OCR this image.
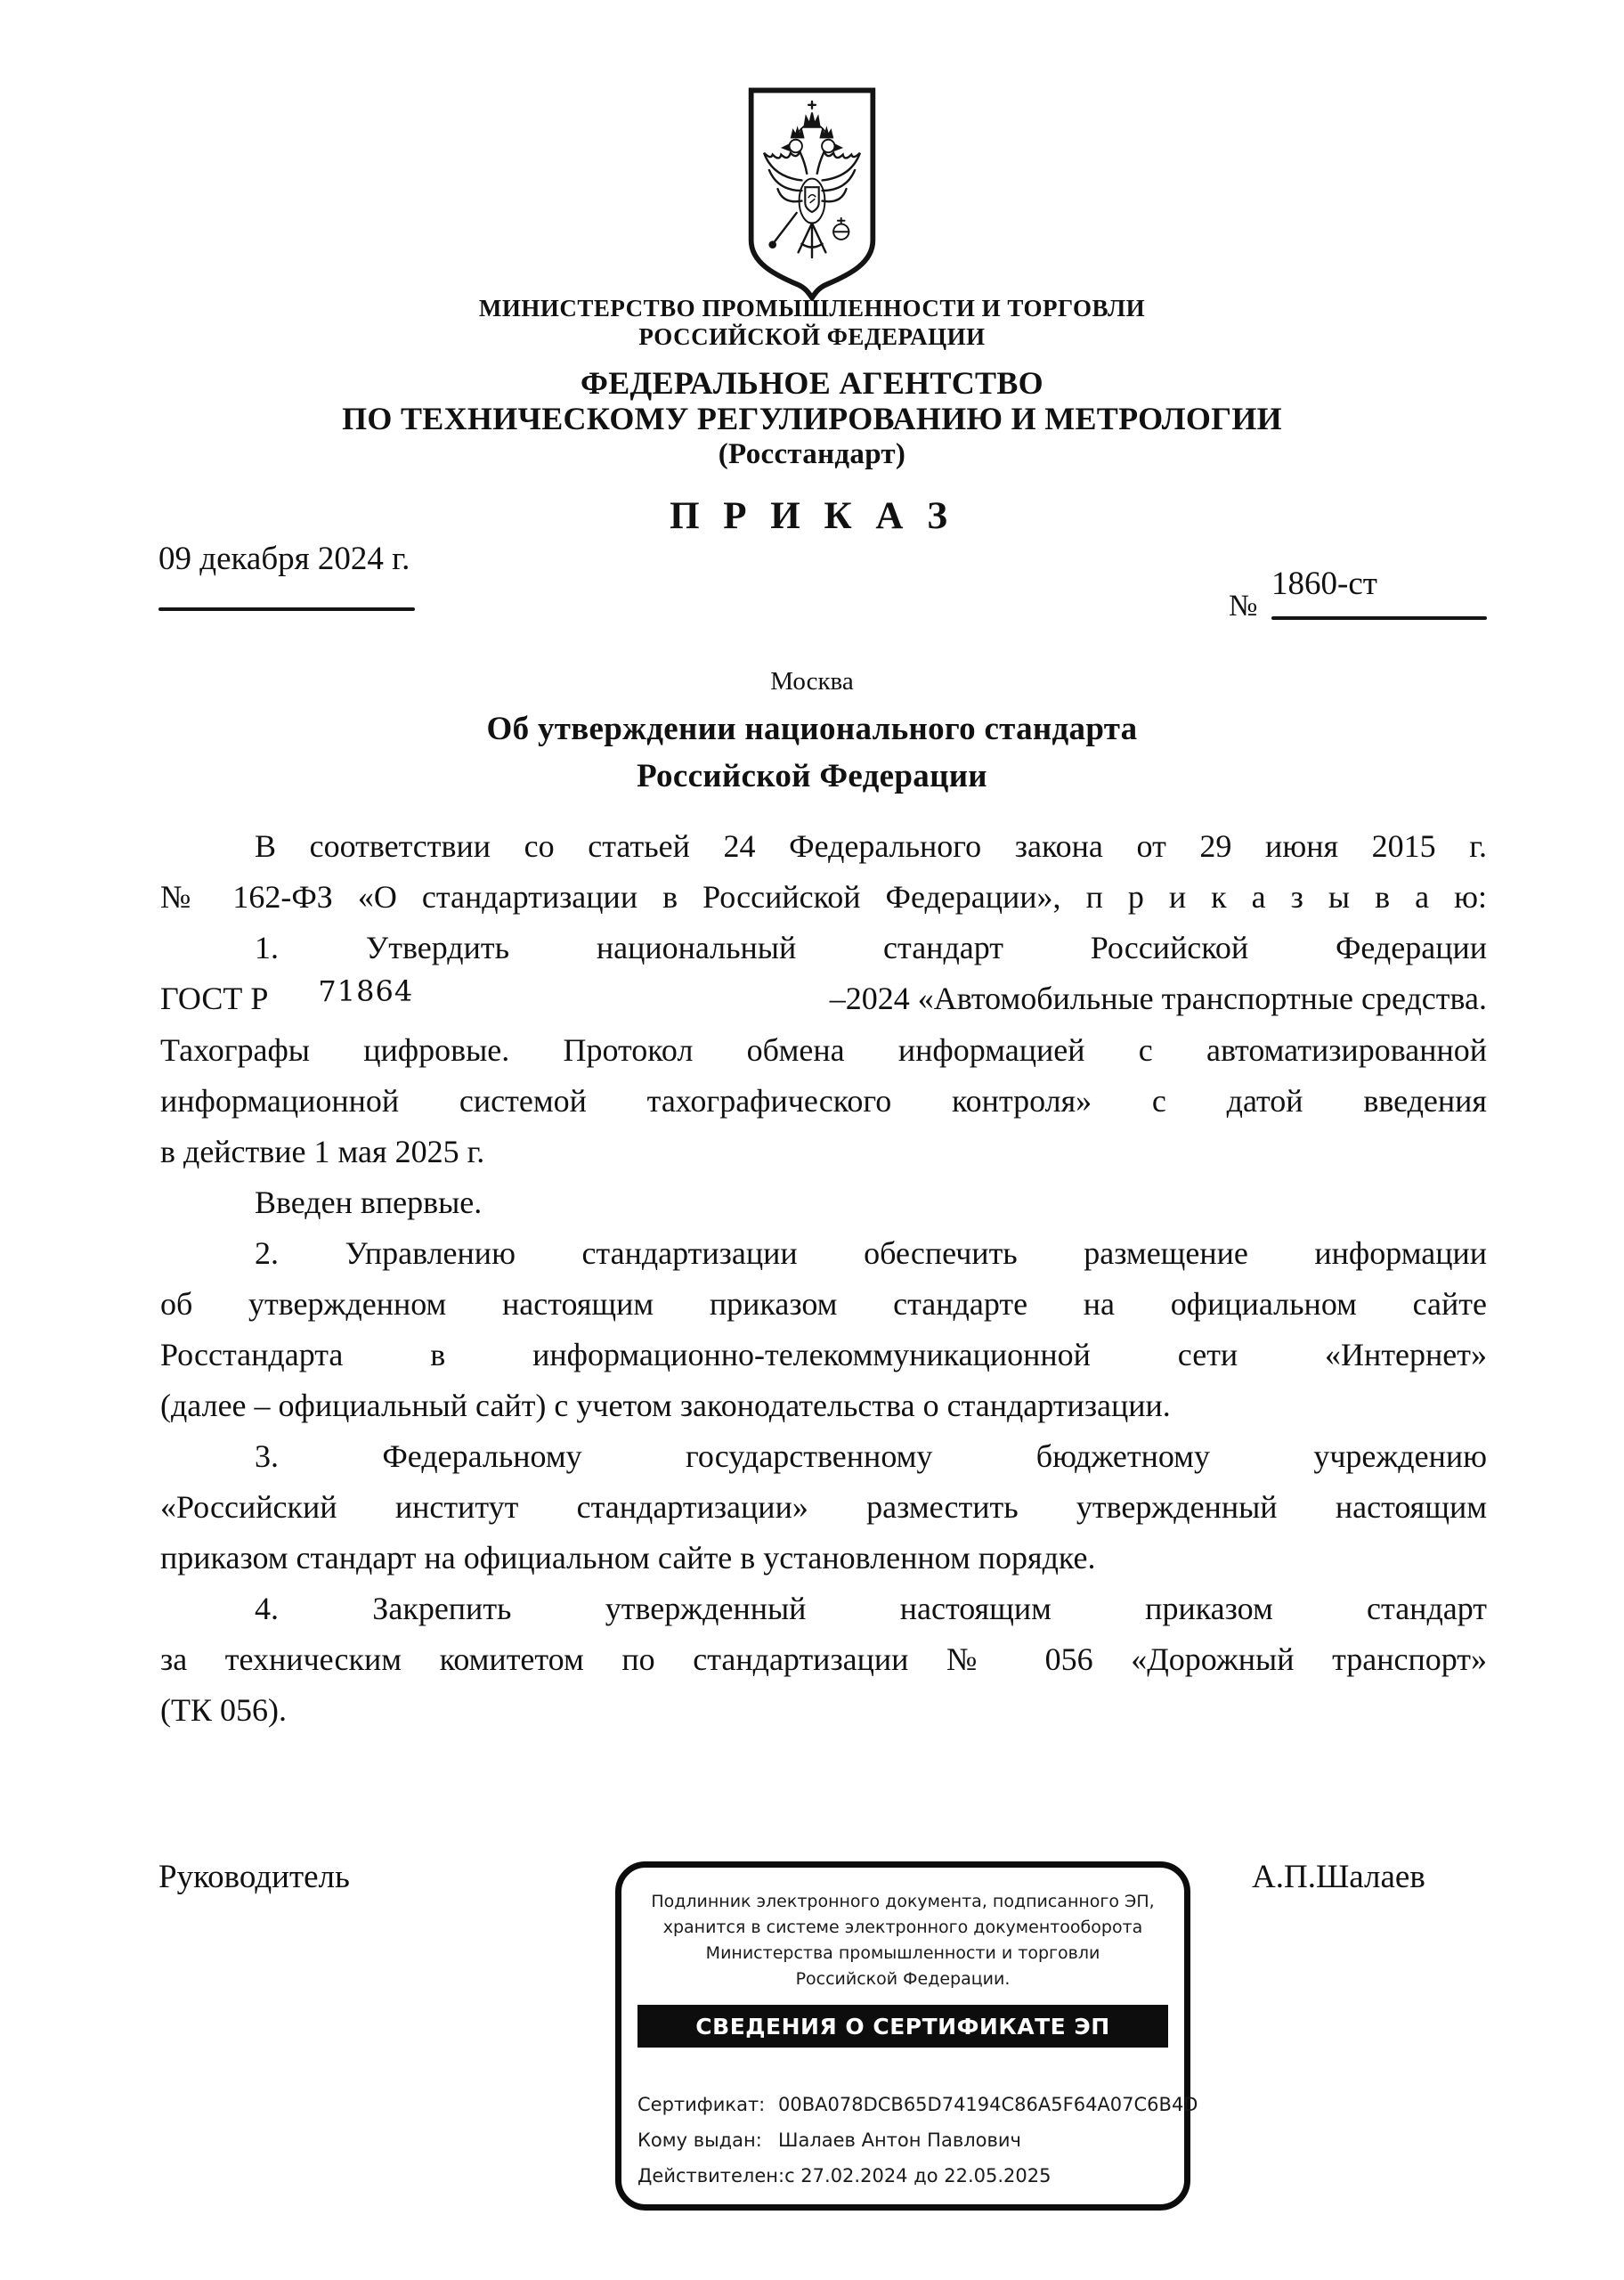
МИНИСТЕРСТВО ПРОМЫШЛЕННОСТИ И ТОРГОВЛИ
РОССИЙСКОЙ ФЕДЕРАЦИИ
ФЕДЕРАЛЬНОЕ АГЕНТСТВО
ПО ТЕХНИЧЕСКОМУ РЕГУЛИРОВАНИЮ И МЕТРОЛОГИИ
(Росстандарт)
П Р И К А З
09 декабря 2024 г.
№
1860-ст
Москва
Об утверждении национального стандарта
Российской Федерации
В соответствии со статьей 24 Федерального закона от 29 июня 2015 г.
№ 162-ФЗ «О стандартизации в Российской Федерации», п р и к а з ы в а ю:
1. Утвердить национальный стандарт Российской Федерации
ГОСТ Р 71864	–2024 «Автомобильные транспортные средства.
Тахографы цифровые. Протокол обмена информацией с автоматизированной
информационной системой тахографического контроля» с датой введения
в действие 1 мая 2025 г.
Введен впервые.
2. Управлению стандартизации обеспечить размещение информации
об утвержденном настоящим приказом стандарте на официальном сайте
Росстандарта в информационно-телекоммуникационной сети «Интернет»
(далее – официальный сайт) с учетом законодательства о стандартизации.
3. Федеральному государственному бюджетному учреждению
«Российский институт стандартизации» разместить утвержденный настоящим
приказом стандарт на официальном сайте в установленном порядке.
4. Закрепить утвержденный настоящим приказом стандарт
за техническим комитетом по стандартизации № 056 «Дорожный транспорт»
(ТК 056).
Руководитель	А.П.Шалаев
Подлинник электронного документа, подписанного ЭП,
хранится в системе электронного документооборота
Министерства промышленности и торговли
Российской Федерации.
СВЕДЕНИЯ О СЕРТИФИКАТЕ ЭП
Сертификат: 00BA078DCB65D74194C86A5F64A07C6B4D
Кому выдан: Шалаев Антон Павлович
Действителен:с 27.02.2024 до 22.05.2025
